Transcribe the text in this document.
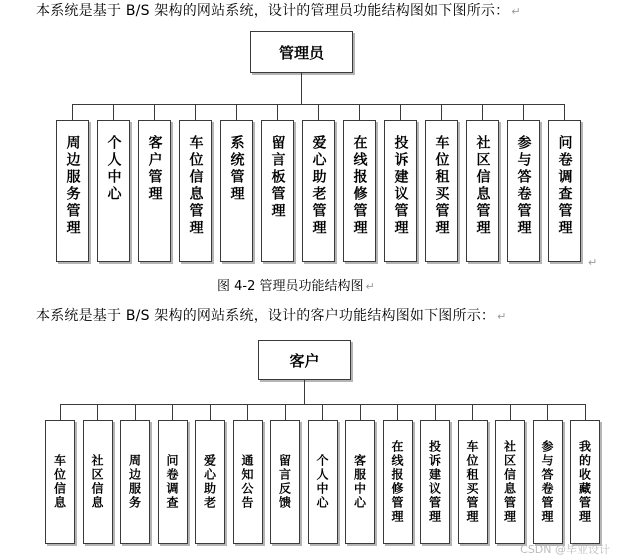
本系统是基于 B/S 架构的网站系统，设计的管理员功能结构图如下图所示： ↵
管理员
周边服务管理 个人中心 客户管理 车位信息管理 系统管理 留言板管理 爱心助老管理 在线报修管理 投诉建议管理 车位租买管理 社区信息管理 参与答卷管理 问卷调查管理
↵
图 4-2 管理员功能结构图 ↵
本系统是基于 B/S 架构的网站系统，设计的客户功能结构图如下图所示： ↵
客户
车位信息 社区信息 周边服务 问卷调查 爱心助老 通知公告 留言反馈 个人中心 客服中心 在线报修管理 投诉建议管理 车位租买管理 社区信息管理 参与答卷管理 我的收藏管理
CSDN @毕业设计
